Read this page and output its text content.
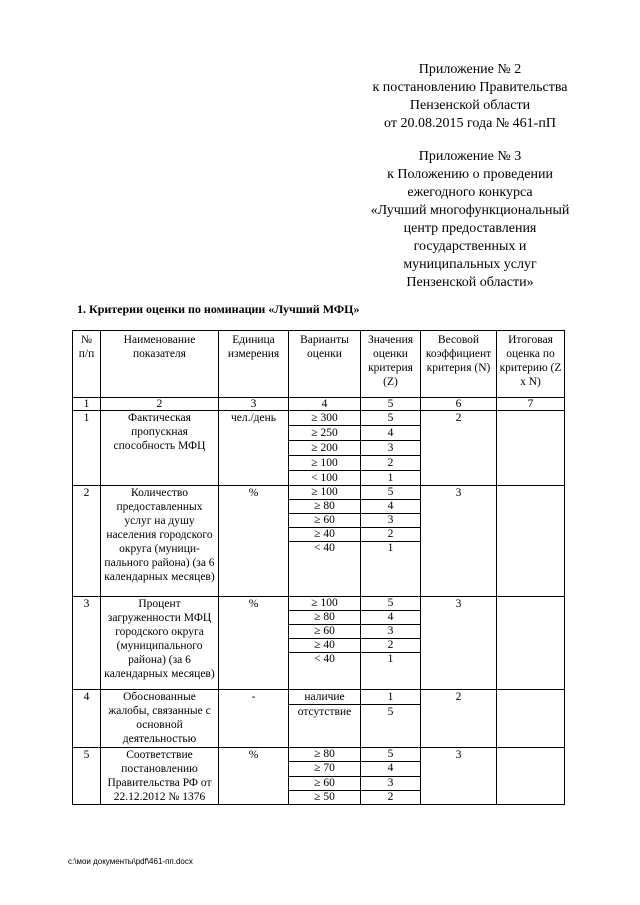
Приложение № 2
к постановлению Правительства
Пензенской области
от 20.08.2015 года № 461-пП
Приложение № 3
к Положению о проведении
ежегодного конкурса
«Лучший многофункциональный
центр предоставления
государственных и
муниципальных услуг
Пензенской области»
1. Критерии оценки по номинации «Лучший МФЦ»
№ п/п	Наименование показателя	Единица измерения	Варианты оценки	Значения оценки критерия (Z)	Весовой коэффициент критерия (N)	Итоговая оценка по критерию (Z x N)
1	2	3	4	5	6	7
1	Фактическая пропускная способность МФЦ	чел./день	≥ 300	5	2	
			≥ 250	4		
			≥ 200	3		
			≥ 100	2		
			< 100	1		
2	Количество предоставленных услуг на душу населения городского округа (муници-пального района) (за 6 календарных месяцев)	%	≥ 100	5	3	
			≥ 80	4		
			≥ 60	3		
			≥ 40	2		
			< 40	1		
3	Процент загруженности МФЦ городского округа (муниципального района) (за 6 календарных месяцев)	%	≥ 100	5	3	
			≥ 80	4		
			≥ 60	3		
			≥ 40	2		
			< 40	1		
4	Обоснованные жалобы, связанные с основной деятельностью	-	наличие	1	2	
			отсутствие	5		
5	Соответствие постановлению Правительства РФ от 22.12.2012 № 1376	%	≥ 80	5	3	
			≥ 70	4		
			≥ 60	3		
			≥ 50	2		
c:\мои документы\pdf\461-пп.docx
